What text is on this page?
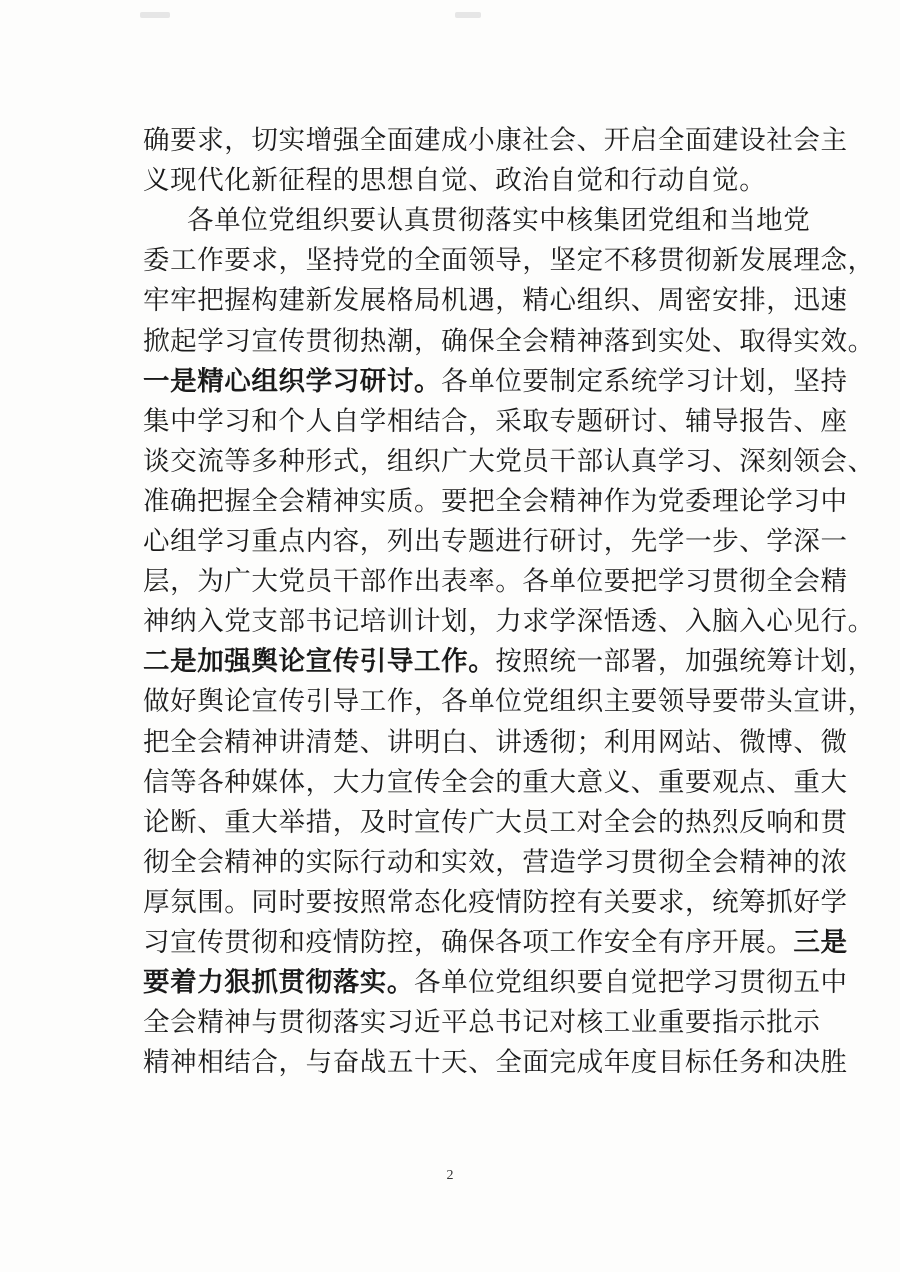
确要求，切实增强全面建成小康社会、开启全面建设社会主
义现代化新征程的思想自觉、政治自觉和行动自觉。
各单位党组织要认真贯彻落实中核集团党组和当地党
委工作要求，坚持党的全面领导，坚定不移贯彻新发展理念，
牢牢把握构建新发展格局机遇，精心组织、周密安排，迅速
掀起学习宣传贯彻热潮，确保全会精神落到实处、取得实效。
一是精心组织学习研讨。各单位要制定系统学习计划，坚持
集中学习和个人自学相结合，采取专题研讨、辅导报告、座
谈交流等多种形式，组织广大党员干部认真学习、深刻领会、
准确把握全会精神实质。要把全会精神作为党委理论学习中
心组学习重点内容，列出专题进行研讨，先学一步、学深一
层，为广大党员干部作出表率。各单位要把学习贯彻全会精
神纳入党支部书记培训计划，力求学深悟透、入脑入心见行。
二是加强舆论宣传引导工作。按照统一部署，加强统筹计划，
做好舆论宣传引导工作，各单位党组织主要领导要带头宣讲，
把全会精神讲清楚、讲明白、讲透彻；利用网站、微博、微
信等各种媒体，大力宣传全会的重大意义、重要观点、重大
论断、重大举措，及时宣传广大员工对全会的热烈反响和贯
彻全会精神的实际行动和实效，营造学习贯彻全会精神的浓
厚氛围。同时要按照常态化疫情防控有关要求，统筹抓好学
习宣传贯彻和疫情防控，确保各项工作安全有序开展。三是
要着力狠抓贯彻落实。各单位党组织要自觉把学习贯彻五中
全会精神与贯彻落实习近平总书记对核工业重要指示批示
精神相结合，与奋战五十天、全面完成年度目标任务和决胜
2
